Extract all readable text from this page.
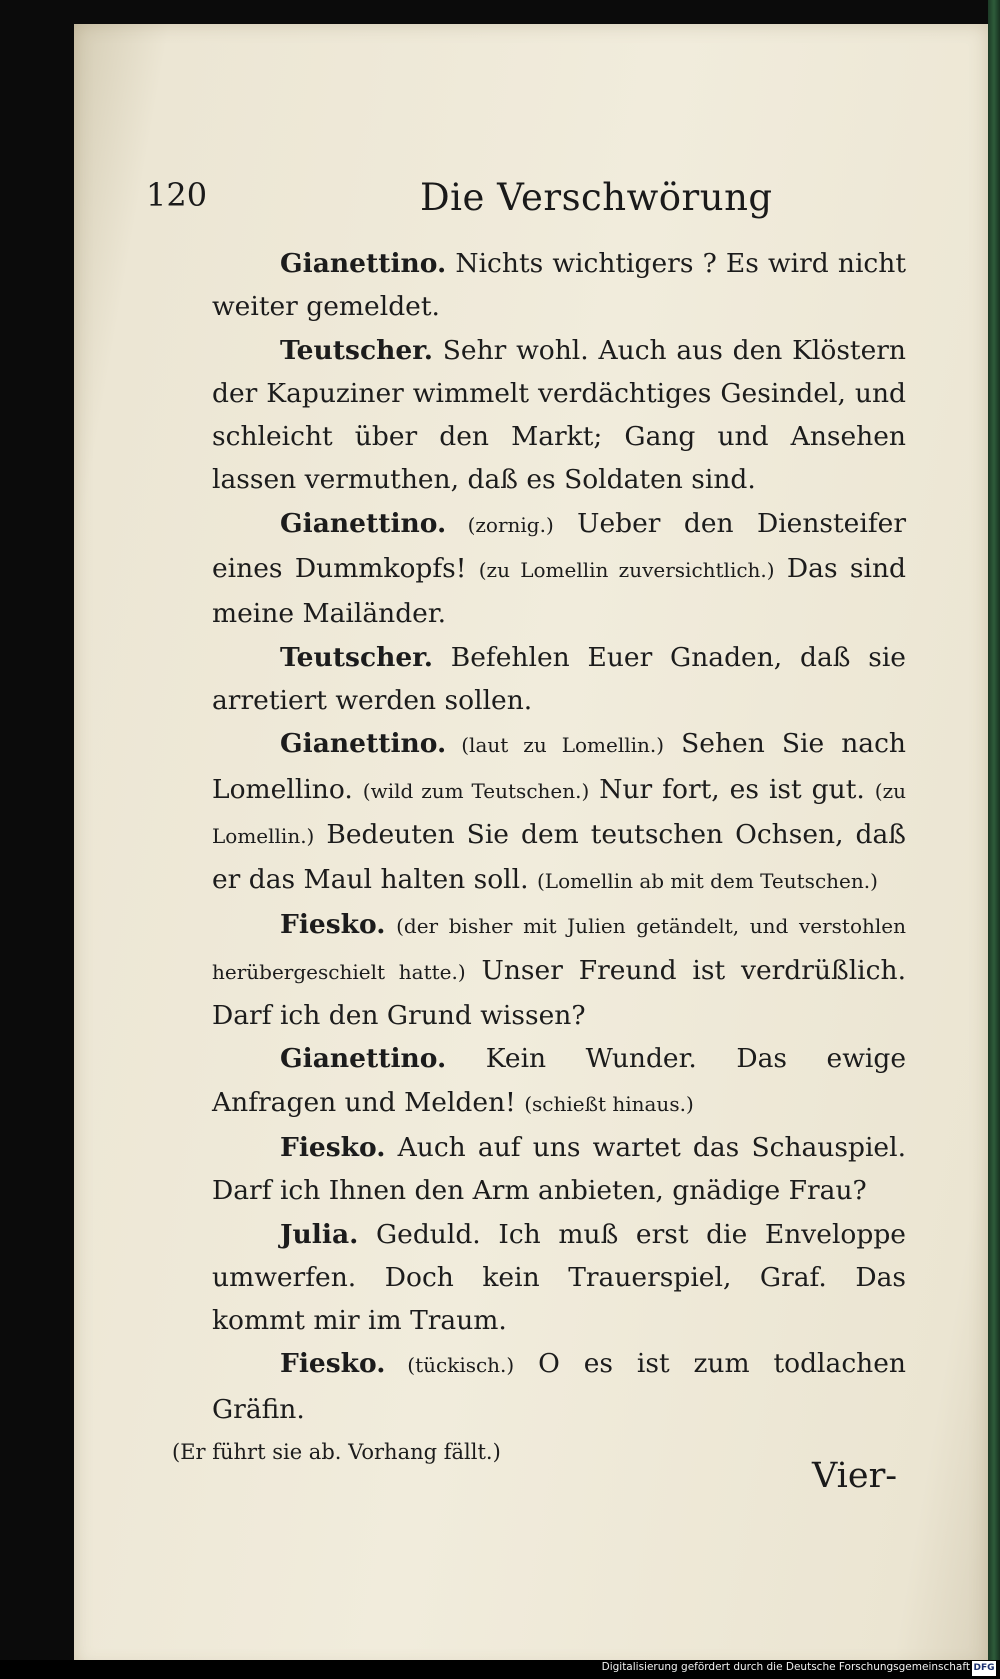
120	Die Verschwörung

Gianettino. Nichts wichtigers ? Es wird nicht weiter gemeldet.

Teutscher. Sehr wohl. Auch aus den Klöstern der Kapuziner wimmelt verdächtiges Gesindel, und schleicht über den Markt; Gang und Ansehen lassen vermuthen, daß es Soldaten sind.

Gianettino. (zornig.) Ueber den Diensteifer eines Dummkopfs! (zu Lomellin zuversichtlich.) Das sind meine Mailänder.

Teutscher. Befehlen Euer Gnaden, daß sie arretiert werden sollen.

Gianettino. (laut zu Lomellin.) Sehen Sie nach Lomellino. (wild zum Teutschen.) Nur fort, es ist gut. (zu Lomellin.) Bedeuten Sie dem teutschen Ochsen, daß er das Maul halten soll. (Lomellin ab mit dem Teutschen.)

Fiesko. (der bisher mit Julien getändelt, und verstohlen herübergeschielt hatte.) Unser Freund ist verdrüßlich. Darf ich den Grund wissen?

Gianettino. Kein Wunder. Das ewige Anfragen und Melden! (schießt hinaus.)

Fiesko. Auch auf uns wartet das Schauspiel. Darf ich Ihnen den Arm anbieten, gnädige Frau?

Julia. Geduld. Ich muß erst die Enveloppe umwerfen. Doch kein Trauerspiel, Graf. Das kommt mir im Traum.

Fiesko. (tückisch.) O es ist zum todlachen Gräfin.

(Er führt sie ab. Vorhang fällt.)

Vier-
Digitalisierung gefördert durch die Deutsche Forschungsgemeinschaft DFG
